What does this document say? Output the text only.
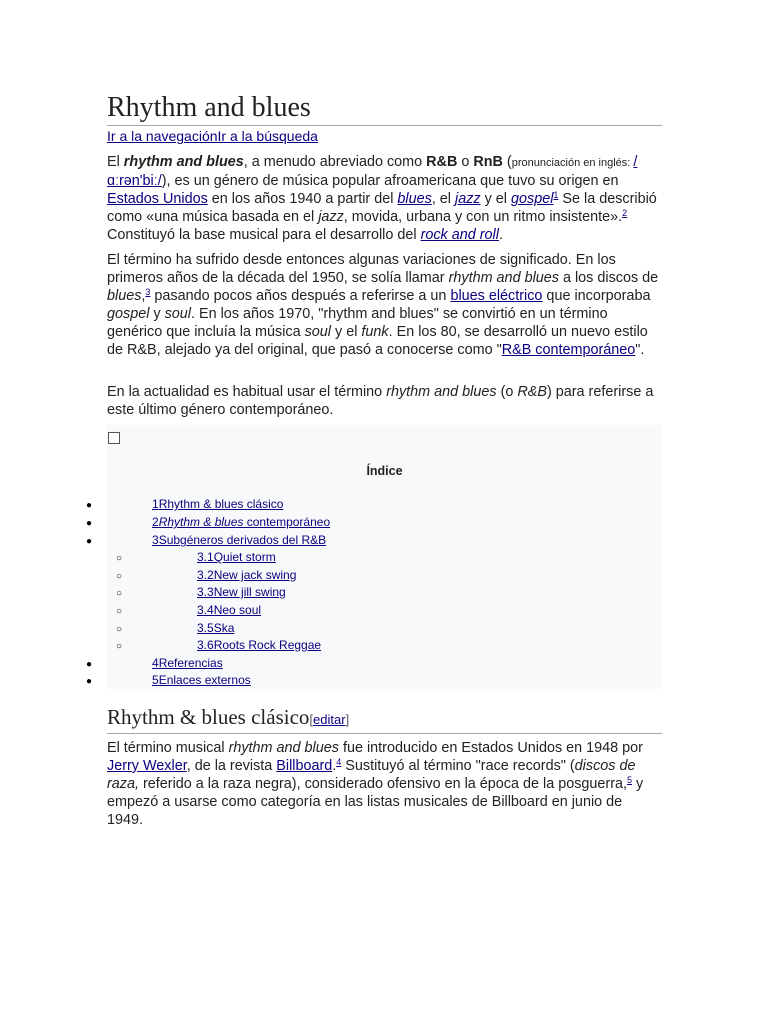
Rhythm and blues
Ir a la navegaciónIr a la búsqueda

El rhythm and blues, a menudo abreviado como R&B o RnB (pronunciación en inglés: / ɑːrən'biː/), es un género de música popular afroamericana que tuvo su origen en Estados Unidos en los años 1940 a partir del blues, el jazz y el gospel$^1$ Se la describió como «una música basada en el jazz, movida, urbana y con un ritmo insistente».$^2$ Constituyó la base musical para el desarrollo del rock and roll.

El término ha sufrido desde entonces algunas variaciones de significado. En los primeros años de la década del 1950, se solía llamar rhythm and blues a los discos de blues,$^3$ pasando pocos años después a referirse a un blues eléctrico que incorporaba gospel y soul. En los años 1970, "rhythm and blues" se convirtió en un término genérico que incluía la música soul y el funk. En los 80, se desarrolló un nuevo estilo de R&B, alejado ya del original, que pasó a conocerse como "R&B contemporáneo".

En la actualidad es habitual usar el término rhythm and blues (o R&B) para referirse a este último género contemporáneo.

Índice
●	1Rhythm & blues clásico
●	2Rhythm & blues contemporáneo
●	3Subgéneros derivados del R&B
○	3.1Quiet storm
○	3.2New jack swing
○	3.3New jill swing
○	3.4Neo soul
○	3.5Ska
○	3.6Roots Rock Reggae
●	4Referencias
●	5Enlaces externos
Rhythm & blues clásico[editar]

El término musical rhythm and blues fue introducido en Estados Unidos en 1948 por Jerry Wexler, de la revista Billboard.$^4$ Sustituyó al término "race records" (discos de raza, referido a la raza negra), considerado ofensivo en la época de la posguerra,$^5$ y empezó a usarse como categoría en las listas musicales de Billboard en junio de 1949.
